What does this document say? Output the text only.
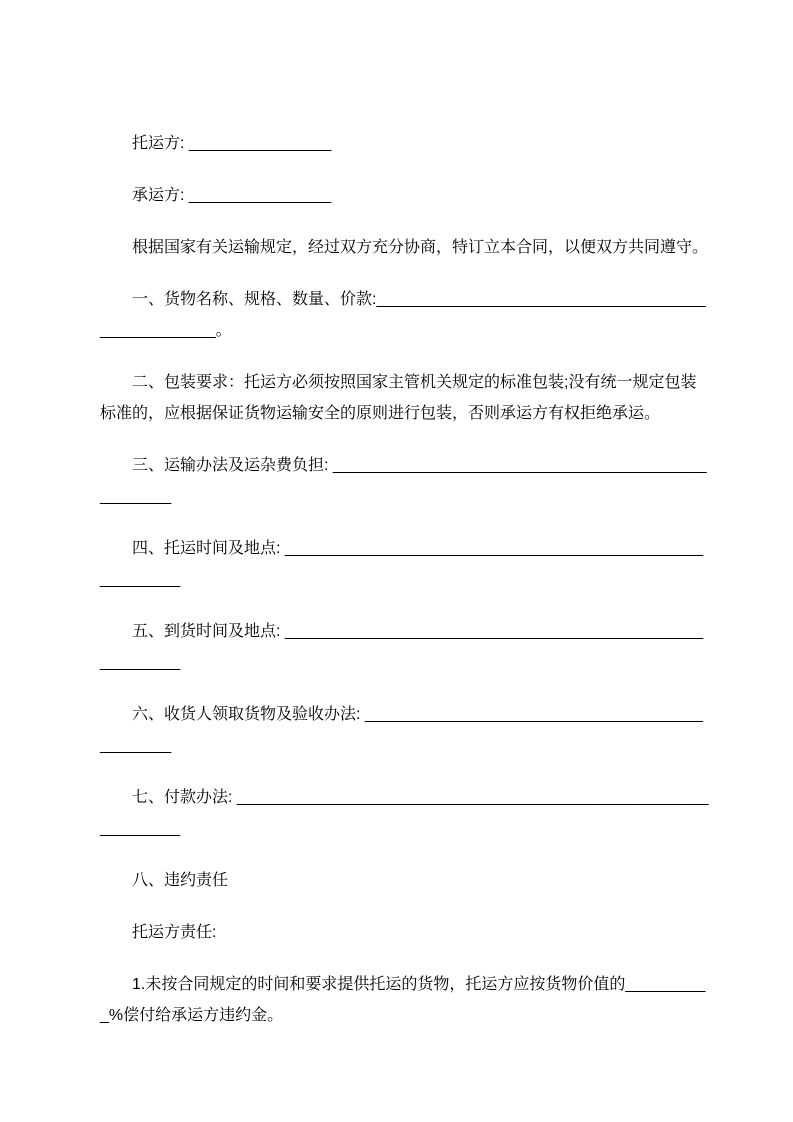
托运方: ________________

承运方: ________________

根据国家有关运输规定，经过双方充分协商，特订立本合同，以便双方共同遵守。

一、货物名称、规格、数量、价款:__________________________________________________。

二、包装要求：托运方必须按照国家主管机关规定的标准包装;没有统一规定包装标准的，应根据保证货物运输安全的原则进行包装，否则承运方有权拒绝承运。

三、运输办法及运杂费负担: __________________________________________________

四、托运时间及地点: ________________________________________________________

五、到货时间及地点: ________________________________________________________

六、收货人领取货物及验收办法: ______________________________________________

七、付款办法: ______________________________________________________________

八、违约责任

托运方责任:

1.未按合同规定的时间和要求提供托运的货物，托运方应按货物价值的__________%偿付给承运方违约金。
